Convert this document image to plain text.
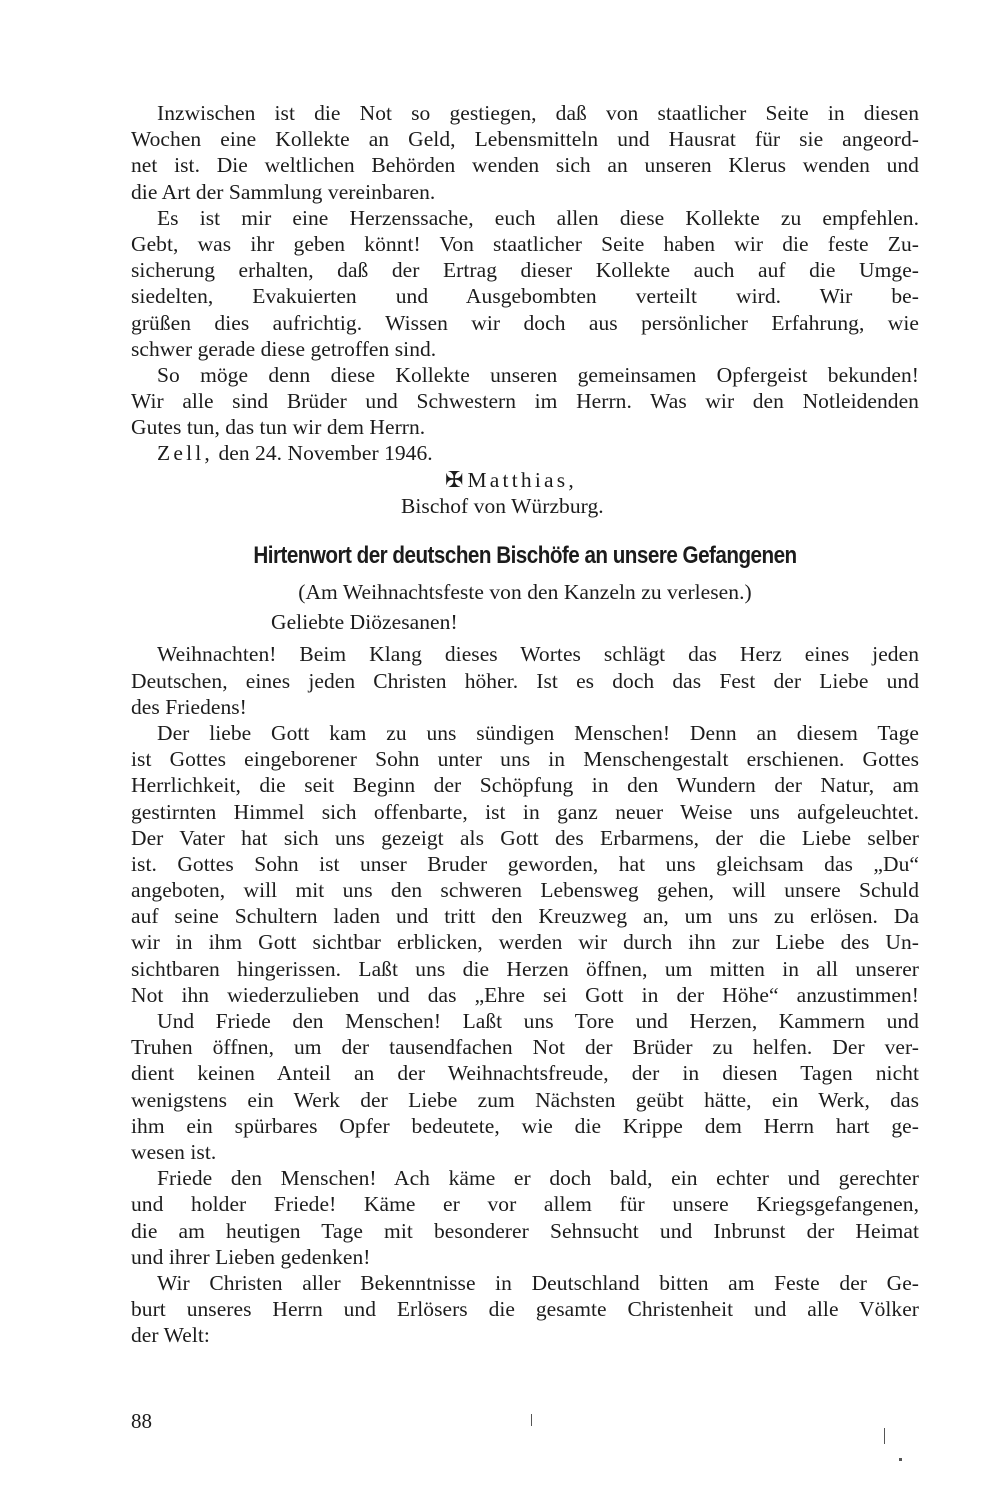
Inzwischen ist die Not so gestiegen, daß von staatlicher Seite in diesen
Wochen eine Kollekte an Geld, Lebensmitteln und Hausrat für sie angeord-
net ist. Die weltlichen Behörden wenden sich an unseren Klerus wenden und
die Art der Sammlung vereinbaren.
Es ist mir eine Herzenssache, euch allen diese Kollekte zu empfehlen.
Gebt, was ihr geben könnt! Von staatlicher Seite haben wir die feste Zu-
sicherung erhalten, daß der Ertrag dieser Kollekte auch auf die Umge-
siedelten, Evakuierten und Ausgebombten verteilt wird. Wir be-
grüßen dies aufrichtig. Wissen wir doch aus persönlicher Erfahrung, wie
schwer gerade diese getroffen sind.
So möge denn diese Kollekte unseren gemeinsamen Opfergeist bekunden!
Wir alle sind Brüder und Schwestern im Herrn. Was wir den Notleidenden
Gutes tun, das tun wir dem Herrn.
Zell, den 24. November 1946.
✠ Matthias,
Bischof von Würzburg.
Hirtenwort der deutschen Bischöfe an unsere Gefangenen
(Am Weihnachtsfeste von den Kanzeln zu verlesen.)
Geliebte Diözesanen!
Weihnachten! Beim Klang dieses Wortes schlägt das Herz eines jeden
Deutschen, eines jeden Christen höher. Ist es doch das Fest der Liebe und
des Friedens!
Der liebe Gott kam zu uns sündigen Menschen! Denn an diesem Tage
ist Gottes eingeborener Sohn unter uns in Menschengestalt erschienen. Gottes
Herrlichkeit, die seit Beginn der Schöpfung in den Wundern der Natur, am
gestirnten Himmel sich offenbarte, ist in ganz neuer Weise uns aufgeleuchtet.
Der Vater hat sich uns gezeigt als Gott des Erbarmens, der die Liebe selber
ist. Gottes Sohn ist unser Bruder geworden, hat uns gleichsam das „Du“
angeboten, will mit uns den schweren Lebensweg gehen, will unsere Schuld
auf seine Schultern laden und tritt den Kreuzweg an, um uns zu erlösen. Da
wir in ihm Gott sichtbar erblicken, werden wir durch ihn zur Liebe des Un-
sichtbaren hingerissen. Laßt uns die Herzen öffnen, um mitten in all unserer
Not ihn wiederzulieben und das „Ehre sei Gott in der Höhe“ anzustimmen!
Und Friede den Menschen! Laßt uns Tore und Herzen, Kammern und
Truhen öffnen, um der tausendfachen Not der Brüder zu helfen. Der ver-
dient keinen Anteil an der Weihnachtsfreude, der in diesen Tagen nicht
wenigstens ein Werk der Liebe zum Nächsten geübt hätte, ein Werk, das
ihm ein spürbares Opfer bedeutete, wie die Krippe dem Herrn hart ge-
wesen ist.
Friede den Menschen! Ach käme er doch bald, ein echter und gerechter
und holder Friede! Käme er vor allem für unsere Kriegsgefangenen,
die am heutigen Tage mit besonderer Sehnsucht und Inbrunst der Heimat
und ihrer Lieben gedenken!
Wir Christen aller Bekenntnisse in Deutschland bitten am Feste der Ge-
burt unseres Herrn und Erlösers die gesamte Christenheit und alle Völker
der Welt:
88
